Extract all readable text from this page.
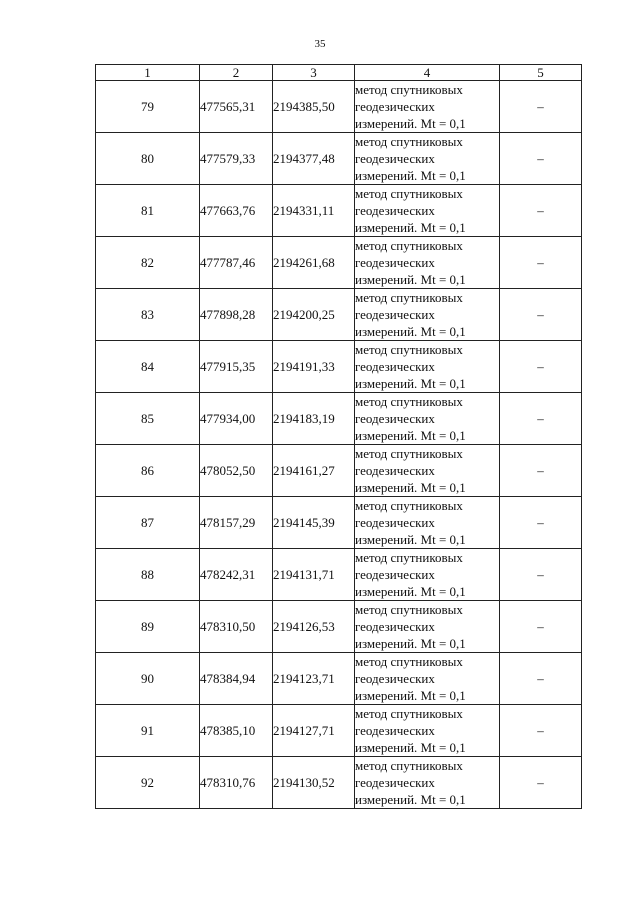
35
1	2	3	4	5
79	477565,31	2194385,50	метод спутниковых
геодезических
измерений. Mt = 0,1	–
80	477579,33	2194377,48	метод спутниковых
геодезических
измерений. Mt = 0,1	–
81	477663,76	2194331,11	метод спутниковых
геодезических
измерений. Mt = 0,1	–
82	477787,46	2194261,68	метод спутниковых
геодезических
измерений. Mt = 0,1	–
83	477898,28	2194200,25	метод спутниковых
геодезических
измерений. Mt = 0,1	–
84	477915,35	2194191,33	метод спутниковых
геодезических
измерений. Mt = 0,1	–
85	477934,00	2194183,19	метод спутниковых
геодезических
измерений. Mt = 0,1	–
86	478052,50	2194161,27	метод спутниковых
геодезических
измерений. Mt = 0,1	–
87	478157,29	2194145,39	метод спутниковых
геодезических
измерений. Mt = 0,1	–
88	478242,31	2194131,71	метод спутниковых
геодезических
измерений. Mt = 0,1	–
89	478310,50	2194126,53	метод спутниковых
геодезических
измерений. Mt = 0,1	–
90	478384,94	2194123,71	метод спутниковых
геодезических
измерений. Mt = 0,1	–
91	478385,10	2194127,71	метод спутниковых
геодезических
измерений. Mt = 0,1	–
92	478310,76	2194130,52	метод спутниковых
геодезических
измерений. Mt = 0,1	–
